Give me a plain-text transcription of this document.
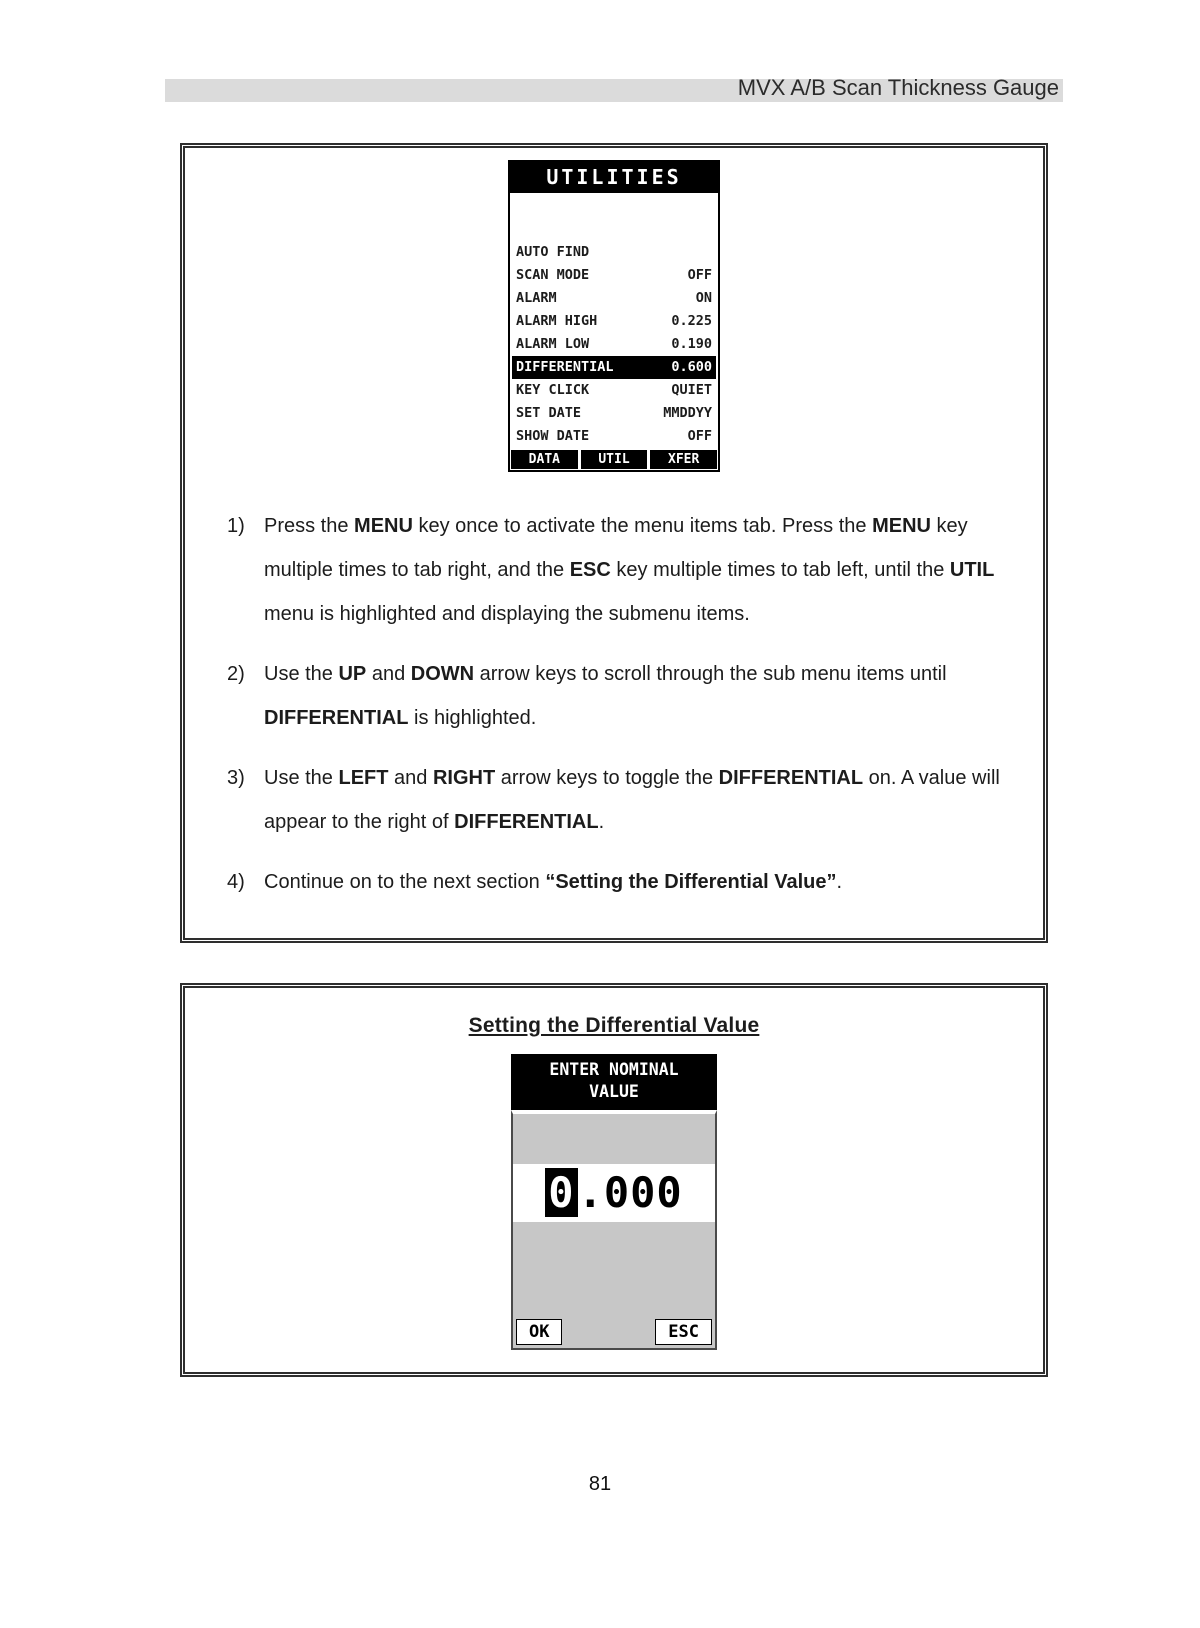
MVX A/B Scan Thickness Gauge
UTILITIES
AUTO FIND
SCAN MODE	OFF
ALARM	ON
ALARM HIGH	0.225
ALARM LOW	0.190
DIFFERENTIAL	0.600
KEY CLICK	QUIET
SET DATE	MMDDYY
SHOW DATE	OFF
DATA	UTIL	XFER
1) Press the MENU key once to activate the menu items tab. Press the MENU key multiple times to tab right, and the ESC key multiple times to tab left, until the UTIL menu is highlighted and displaying the submenu items.
2) Use the UP and DOWN arrow keys to scroll through the sub menu items until DIFFERENTIAL is highlighted.
3) Use the LEFT and RIGHT arrow keys to toggle the DIFFERENTIAL on. A value will appear to the right of DIFFERENTIAL.
4) Continue on to the next section “Setting the Differential Value”.
Setting the Differential Value
ENTER NOMINAL
VALUE
0.000
OK	ESC
81
